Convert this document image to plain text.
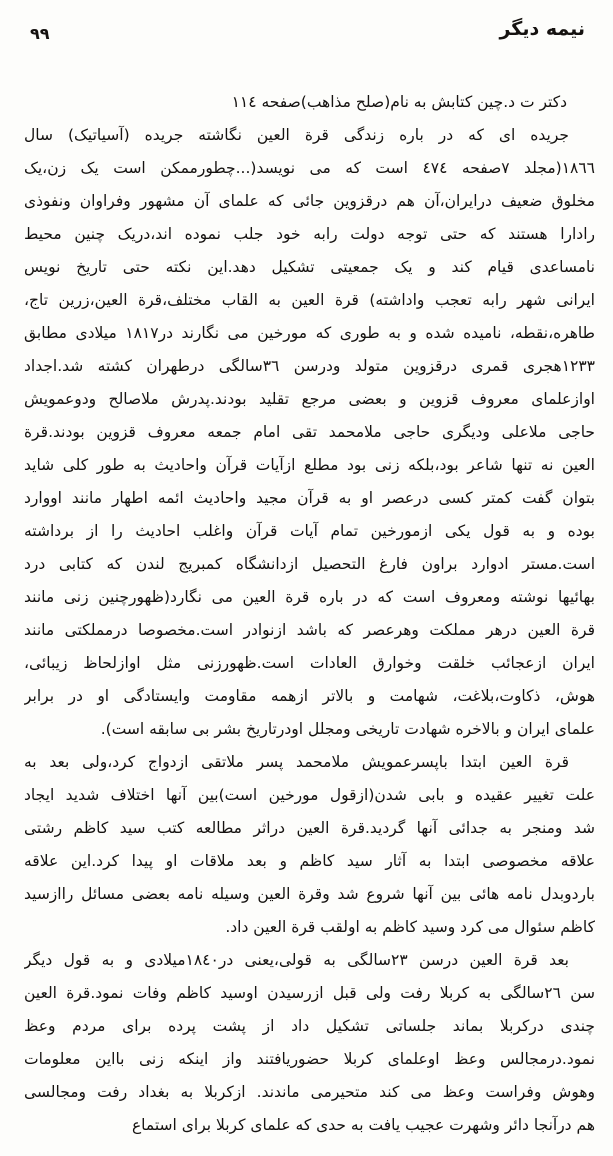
نیمه دیگر
٩٩
دکتر ت د.چین کتابش به نام(صلح مذاهب)صفحه ١١٤
جریده ای که در باره زندگی قرة العین نگاشته جریده (آسیاتیک) سال
١٨٦٦(مجلد ٧صفحه ٤٧٤ است که می نویسد(...چطورممکن است یک زن،یک
مخلوق ضعیف درایران،آن هم درقزوین جائی که علمای آن مشهور وفراوان ونفوذی
رادارا هستند که حتی توجه دولت رابه خود جلب نموده اند،دریک چنین محیط
نامساعدی قیام کند و یک جمعیتی تشکیل دهد.این نکته حتی تاریخ نویس
ایرانی شهر رابه تعجب واداشته) قرة العین به القاب مختلف،قرة العین،زرین تاج،
طاهره،نقطه، نامیده شده و به طوری که مورخین می نگارند در١٨١٧ میلادی مطابق
١٢٣٣هجری قمری درقزوین متولد ودرسن ٣٦سالگی درطهران کشته شد.اجداد
اوازعلمای معروف قزوین و بعضی مرجع تقلید بودند.پدرش ملاصالح ودوعمویش
حاجی ملاعلی ودیگری حاجی ملامحمد تقی امام جمعه معروف قزوین بودند.قرة
العین نه تنها شاعر بود،بلکه زنی بود مطلع ازآیات قرآن واحادیث به طور کلی شاید
بتوان گفت کمتر کسی درعصر او به قرآن مجید واحادیث ائمه اطهار مانند اووارد
بوده و به قول یکی ازمورخین تمام آیات قرآن واغلب احادیث را از برداشته
است.مستر ادوارد براون فارغ التحصیل ازدانشگاه کمبریج لندن که کتابی درد
بهائیها نوشته ومعروف است که در باره قرة العین می نگارد(ظهورچنین زنی مانند
قرة العین درهر مملکت وهرعصر که باشد ازنوادر است.مخصوصا درمملکتی مانند
ایران ازعجائب خلقت وخوارق العادات است.ظهورزنی مثل اوازلحاظ زیبائی،
هوش، ذکاوت،بلاغت، شهامت و بالاتر ازهمه مقاومت وایستادگی او در برابر
علمای ایران و بالاخره شهادت تاریخی ومجلل اودرتاریخ بشر بی سابقه است).
قرة العین ابتدا باپسرعمویش ملامحمد پسر ملاتقی ازدواج کرد،ولی بعد به
علت تغییر عقیده و بابی شدن(ازقول مورخین است)بین آنها اختلاف شدید ایجاد
شد ومنجر به جدائی آنها گردید.قرة العین دراثر مطالعه کتب سید کاظم رشتی
علاقه مخصوصی ابتدا به آثار سید کاظم و بعد ملاقات او پیدا کرد.این علاقه
باردوبدل نامه هائی بین آنها شروع شد وقرة العین وسیله نامه بعضی مسائل راازسید
کاظم سئوال می کرد وسید کاظم به اولقب قرة العین داد.
بعد قرة العین درسن ٢٣سالگی به قولی،یعنی در١٨٤٠میلادی و به قول دیگر
سن ٢٦سالگی به کربلا رفت ولی قبل ازرسیدن اوسید کاظم وفات نمود.قرة العین
چندی درکربلا بماند جلساتی تشکیل داد از پشت پرده برای مردم وعظ
نمود.درمجالس وعظ اوعلمای کربلا حضوریافتند واز اینکه زنی بااین معلومات
وهوش وفراست وعظ می کند متحیرمی ماندند. ازکربلا به بغداد رفت ومجالسی
هم درآنجا دائر وشهرت عجیب یافت به حدی که علمای کربلا برای استماع
